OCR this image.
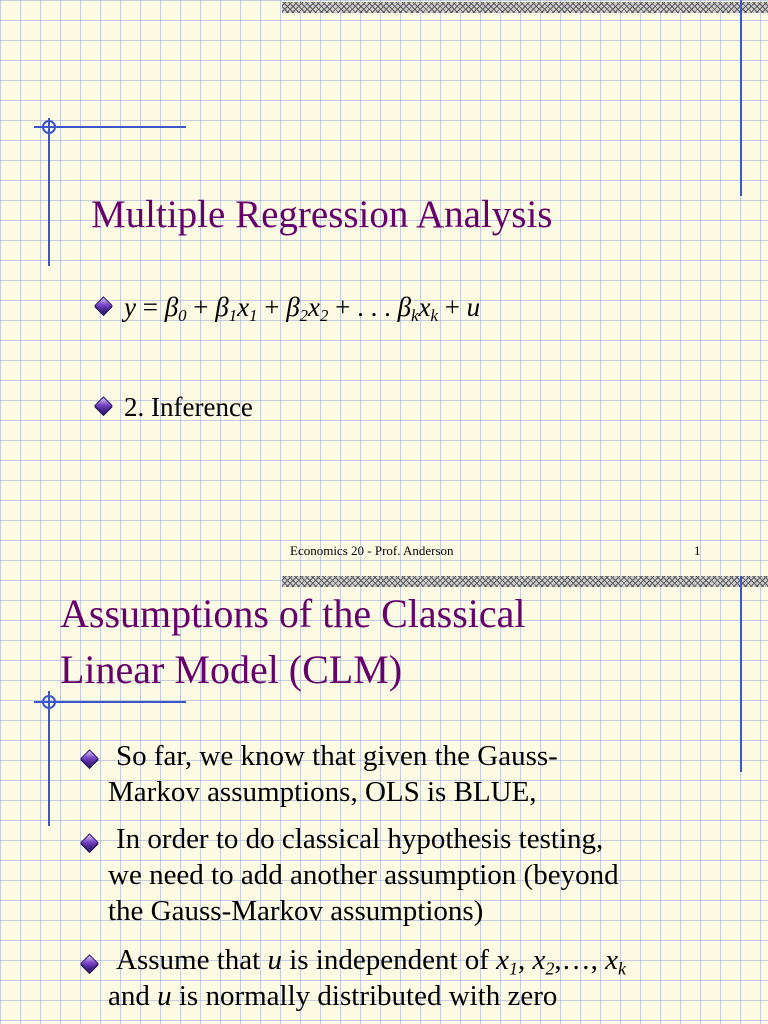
Multiple Regression Analysis

$y = \beta_0 + \beta_1x_1 + \beta_2x_2$ + . . . $\beta_kx_k + u$

2. Inference

Economics 20 - Prof. Anderson	1
Assumptions of the Classical
Linear Model (CLM)

So far, we know that given the Gauss-

Markov assumptions, OLS is BLUE,

In order to do classical hypothesis testing,

we need to add another assumption (beyond

the Gauss-Markov assumptions)

Assume that u is independent of $x_1$, $x_2,\dots$, $x_k$

and u is normally distributed with zero
